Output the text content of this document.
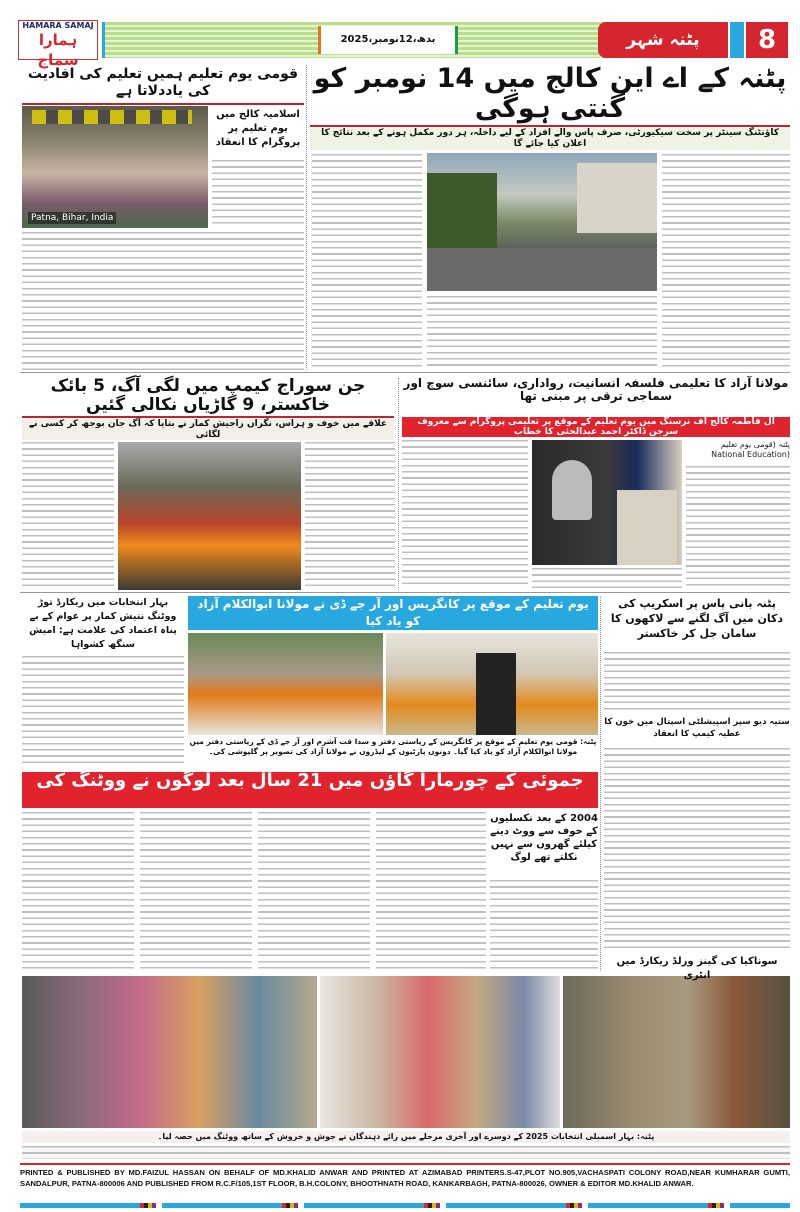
HAMARA SAMAJ
ہمارا سماج
بدھ،12نومبر،2025	پٹنہ شہر	8
قومی یوم تعلیم ہمیں تعلیم کی افادیت کی یاددلاتا ہے
Patna, Bihar, India
اسلامیہ کالج میں یوم تعلیم پر پروگرام کا انعقاد
پٹنہ کے اے این کالج میں 14 نومبر کو گنتی ہوگی
کاؤنٹنگ سینٹر پر سخت سیکیورٹی، صرف پاس والے افراد کے لیے داخلہ، ہر دور مکمل ہونے کے بعد نتائج کا اعلان کیا جائے گا
جن سوراج کیمپ میں لگی آگ، 5 بائک خاکستر، 9 گاڑیاں نکالی گئیں
علاقے میں خوف و ہراس، نگراں راجیش کمار نے بتایا کہ آگ جان بوجھ کر کسی نے لگائی
مولانا آزاد کا تعلیمی فلسفہ انسانیت، رواداری، سائنسی سوچ اور سماجی ترقی پر مبنی تھا
آل فاطمہ کالج آف نرسنگ میں یوم تعلیم کے موقع پر تعلیمی پروگرام سے معروف سرجن ڈاکٹر احمد عبدالحئی کا خطاب
پٹنہ (قومی یوم تعلیم (National Education
بہار انتخابات میں ریکارڈ توڑ ووٹنگ نتیش کمار پر عوام کے بے پناہ اعتماد کی علامت ہے: امیش سنگھ کشواہا
یوم تعلیم کے موقع پر کانگریس اور آر جے ڈی نے مولانا ابوالکلام آزاد کو یاد کیا
پٹنہ: قومی یوم تعلیم کے موقع پر کانگریس کے ریاستی دفتر و سدا قت آشرم اور آر جے ڈی کے ریاستی دفتر میں مولانا ابوالکلام آزاد کو یاد کیا گیا۔ دونوں پارٹیوں کے لیڈروں نے مولانا آزاد کی تصویر پر گلپوشی کی۔
پٹنہ بانی پاس پر اسکریپ کی دکان میں آگ لگنے سے لاکھوں کا سامان جل کر خاکستر
ستیہ دیو سپر اسپیشلٹی اسپتال میں خون کا عطیہ کیمپ کا انعقاد
سوناکیا کی گینز ورلڈ ریکارڈ میں انٹری
جموئی کے چورمارا گاؤں میں 21 سال بعد لوگوں نے ووٹنگ کی
2004 کے بعد نکسلیوں کے خوف سے ووٹ دینے کیلئے گھروں سے نہیں نکلتے تھے لوگ
پٹنہ: بہار اسمبلی انتخابات 2025 کے دوسرے اور آخری مرحلے میں رائے دہندگان نے جوش و خروش کے ساتھ ووٹنگ میں حصہ لیا۔
PRINTED & PUBLISHED BY MD.FAIZUL HASSAN ON BEHALF OF MD.KHALID ANWAR AND PRINTED AT AZIMABAD PRINTERS.S-47,PLOT NO.905,VACHASPATI COLONY ROAD,NEAR KUMHARAR GUMTI, SANDALPUR, PATNA-800006 AND PUBLISHED FROM R.C.F/105,1ST FLOOR, B.H.COLONY, BHOOTHNATH ROAD, KANKARBAGH, PATNA-800026, OWNER & EDITOR MD.KHALID ANWAR.
